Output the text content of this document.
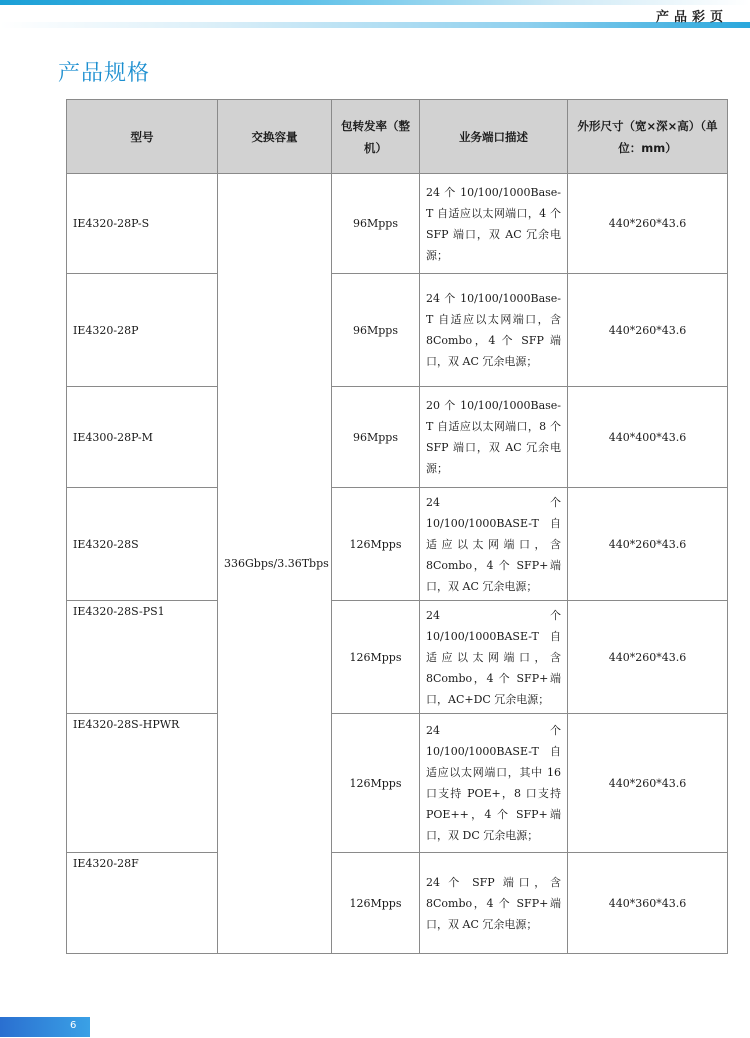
产品彩页
产品规格
型号	交换容量	包转发率（整机）	业务端口描述	外形尺寸（宽×深×高）（单位：mm）
IE4320-28P-S	336Gbps/3.36Tbps	96Mpps	24 个 10/100/1000Base-T 自适应以太网端口，4 个 SFP 端口，双 AC 冗余电源；	440*260*43.6
IE4320-28P		96Mpps	24 个 10/100/1000Base-T 自适应以太网端口，含 8Combo，4 个 SFP 端口，双 AC 冗余电源；	440*260*43.6
IE4300-28P-M		96Mpps	20 个 10/100/1000Base-T 自适应以太网端口，8 个 SFP 端口，双 AC 冗余电源；	440*400*43.6
IE4320-28S		126Mpps	24 个 10/100/1000BASE-T 自适应以太网端口，含 8Combo，4 个 SFP+端口，双 AC 冗余电源；	440*260*43.6
IE4320-28S-PS1		126Mpps	24 个 10/100/1000BASE-T 自适应以太网端口，含 8Combo，4 个 SFP+端口，AC+DC 冗余电源；	440*260*43.6
IE4320-28S-HPWR		126Mpps	24 个 10/100/1000BASE-T 自适应以太网端口，其中 16 口支持 POE+，8 口支持 POE++，4 个 SFP+端口，双 DC 冗余电源；	440*260*43.6
IE4320-28F		126Mpps	24 个 SFP 端口，含 8Combo，4 个 SFP+端口，双 AC 冗余电源；	440*360*43.6
6
